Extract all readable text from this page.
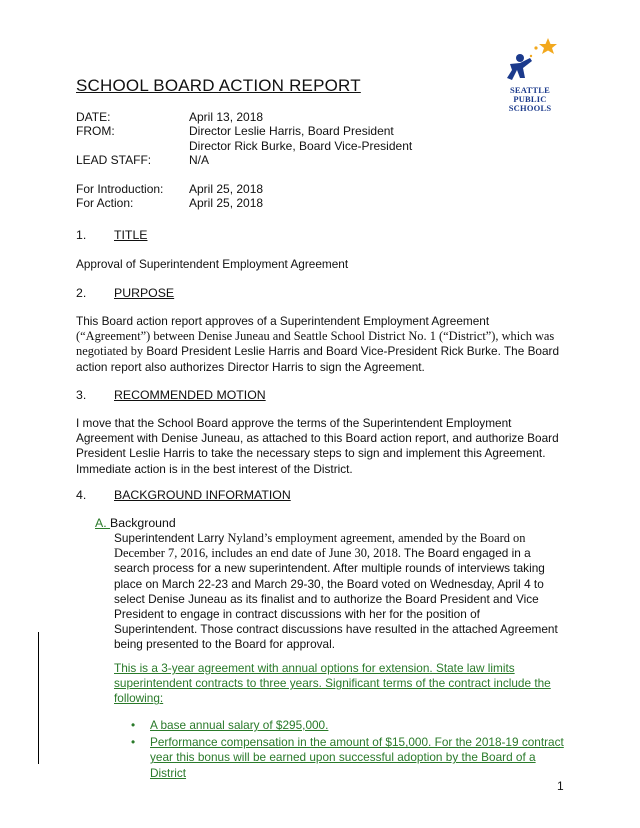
SEATTLE
PUBLIC
SCHOOLS
SCHOOL BOARD ACTION REPORT
DATE:	April 13, 2018
FROM:	Director Leslie Harris, Board President
Director Rick Burke, Board Vice-President
LEAD STAFF:	N/A
For Introduction: April 25, 2018
For Action:	April 25, 2018
1. TITLE
Approval of Superintendent Employment Agreement
2. PURPOSE
This Board action report approves of a Superintendent Employment Agreement (“Agreement”) between Denise Juneau and Seattle School District No. 1 (“District”), which was negotiated by Board President Leslie Harris and Board Vice-President Rick Burke. The Board action report also authorizes Director Harris to sign the Agreement.
3. RECOMMENDED MOTION
I move that the School Board approve the terms of the Superintendent Employment Agreement with Denise Juneau, as attached to this Board action report, and authorize Board President Leslie Harris to take the necessary steps to sign and implement this Agreement. Immediate action is in the best interest of the District.
4. BACKGROUND INFORMATION
A. Background
Superintendent Larry Nyland’s employment agreement, amended by the Board on December 7, 2016, includes an end date of June 30, 2018. The Board engaged in a search process for a new superintendent. After multiple rounds of interviews taking place on March 22-23 and March 29-30, the Board voted on Wednesday, April 4 to select Denise Juneau as its finalist and to authorize the Board President and Vice President to engage in contract discussions with her for the position of Superintendent. Those contract discussions have resulted in the attached Agreement being presented to the Board for approval.
This is a 3-year agreement with annual options for extension. State law limits superintendent contracts to three years. Significant terms of the contract include the following:
• A base annual salary of $295,000.
• Performance compensation in the amount of $15,000. For the 2018-19 contract year this bonus will be earned upon successful adoption by the Board of a District
1
